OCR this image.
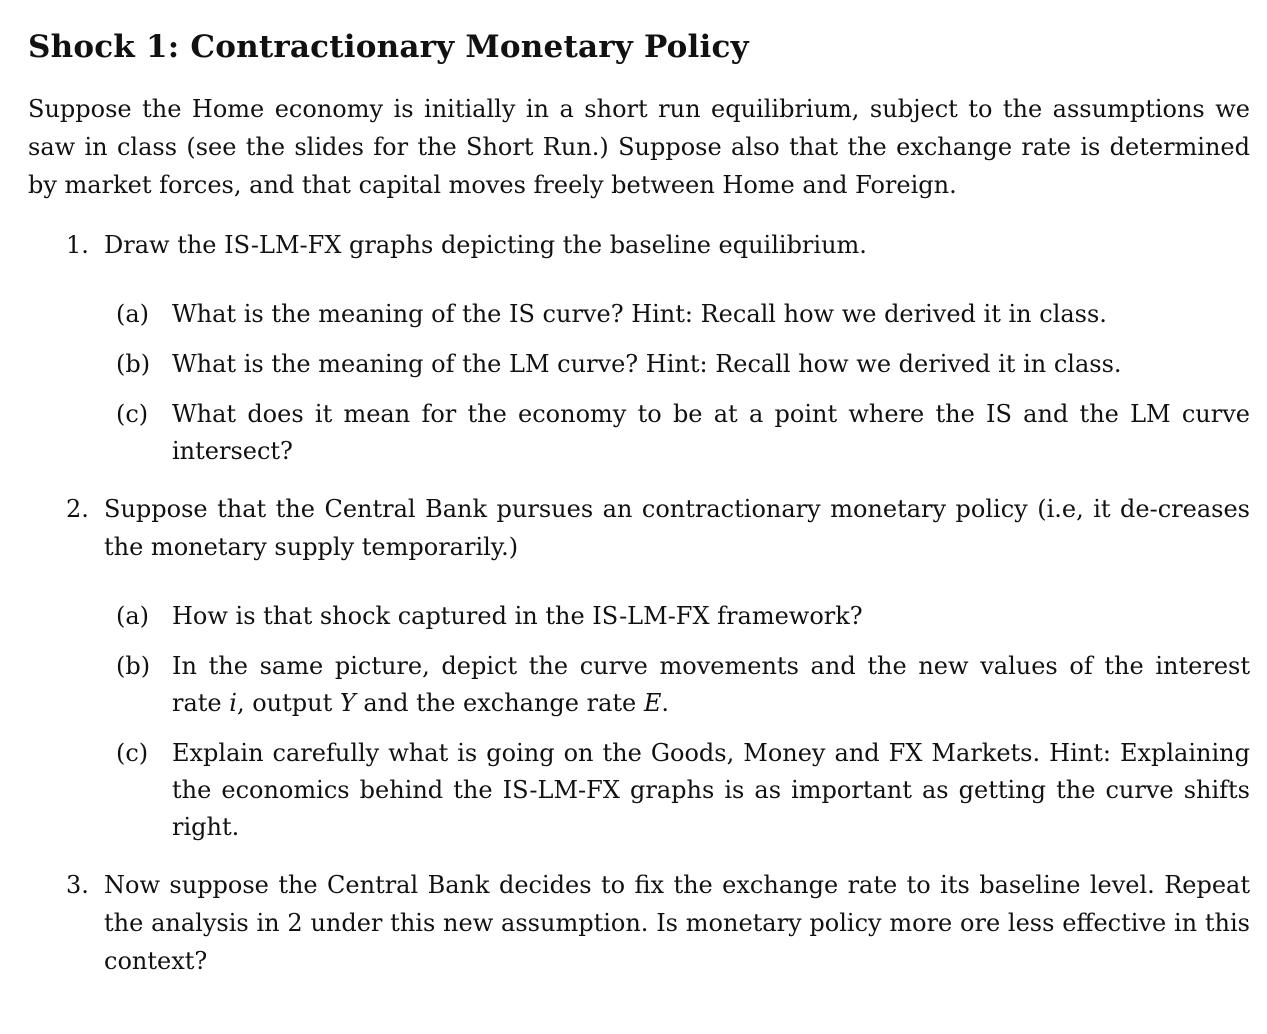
Shock 1: Contractionary Monetary Policy

Suppose the Home economy is initially in a short run equilibrium, subject to the assumptions we saw in class (see the slides for the Short Run.) Suppose also that the exchange rate is determined by market forces, and that capital moves freely between Home and Foreign.

1. Draw the IS-LM-FX graphs depicting the baseline equilibrium.
(a) What is the meaning of the IS curve? Hint: Recall how we derived it in class.
(b) What is the meaning of the LM curve? Hint: Recall how we derived it in class.
(c) What does it mean for the economy to be at a point where the IS and the LM curve intersect?
2. Suppose that the Central Bank pursues an contractionary monetary policy (i.e, it de-creases the monetary supply temporarily.)
(a) How is that shock captured in the IS-LM-FX framework?
(b) In the same picture, depict the curve movements and the new values of the interest rate i, output Y and the exchange rate E.
(c) Explain carefully what is going on the Goods, Money and FX Markets. Hint: Explaining the economics behind the IS-LM-FX graphs is as important as getting the curve shifts right.
3. Now suppose the Central Bank decides to fix the exchange rate to its baseline level. Repeat the analysis in 2 under this new assumption. Is monetary policy more ore less effective in this context?
